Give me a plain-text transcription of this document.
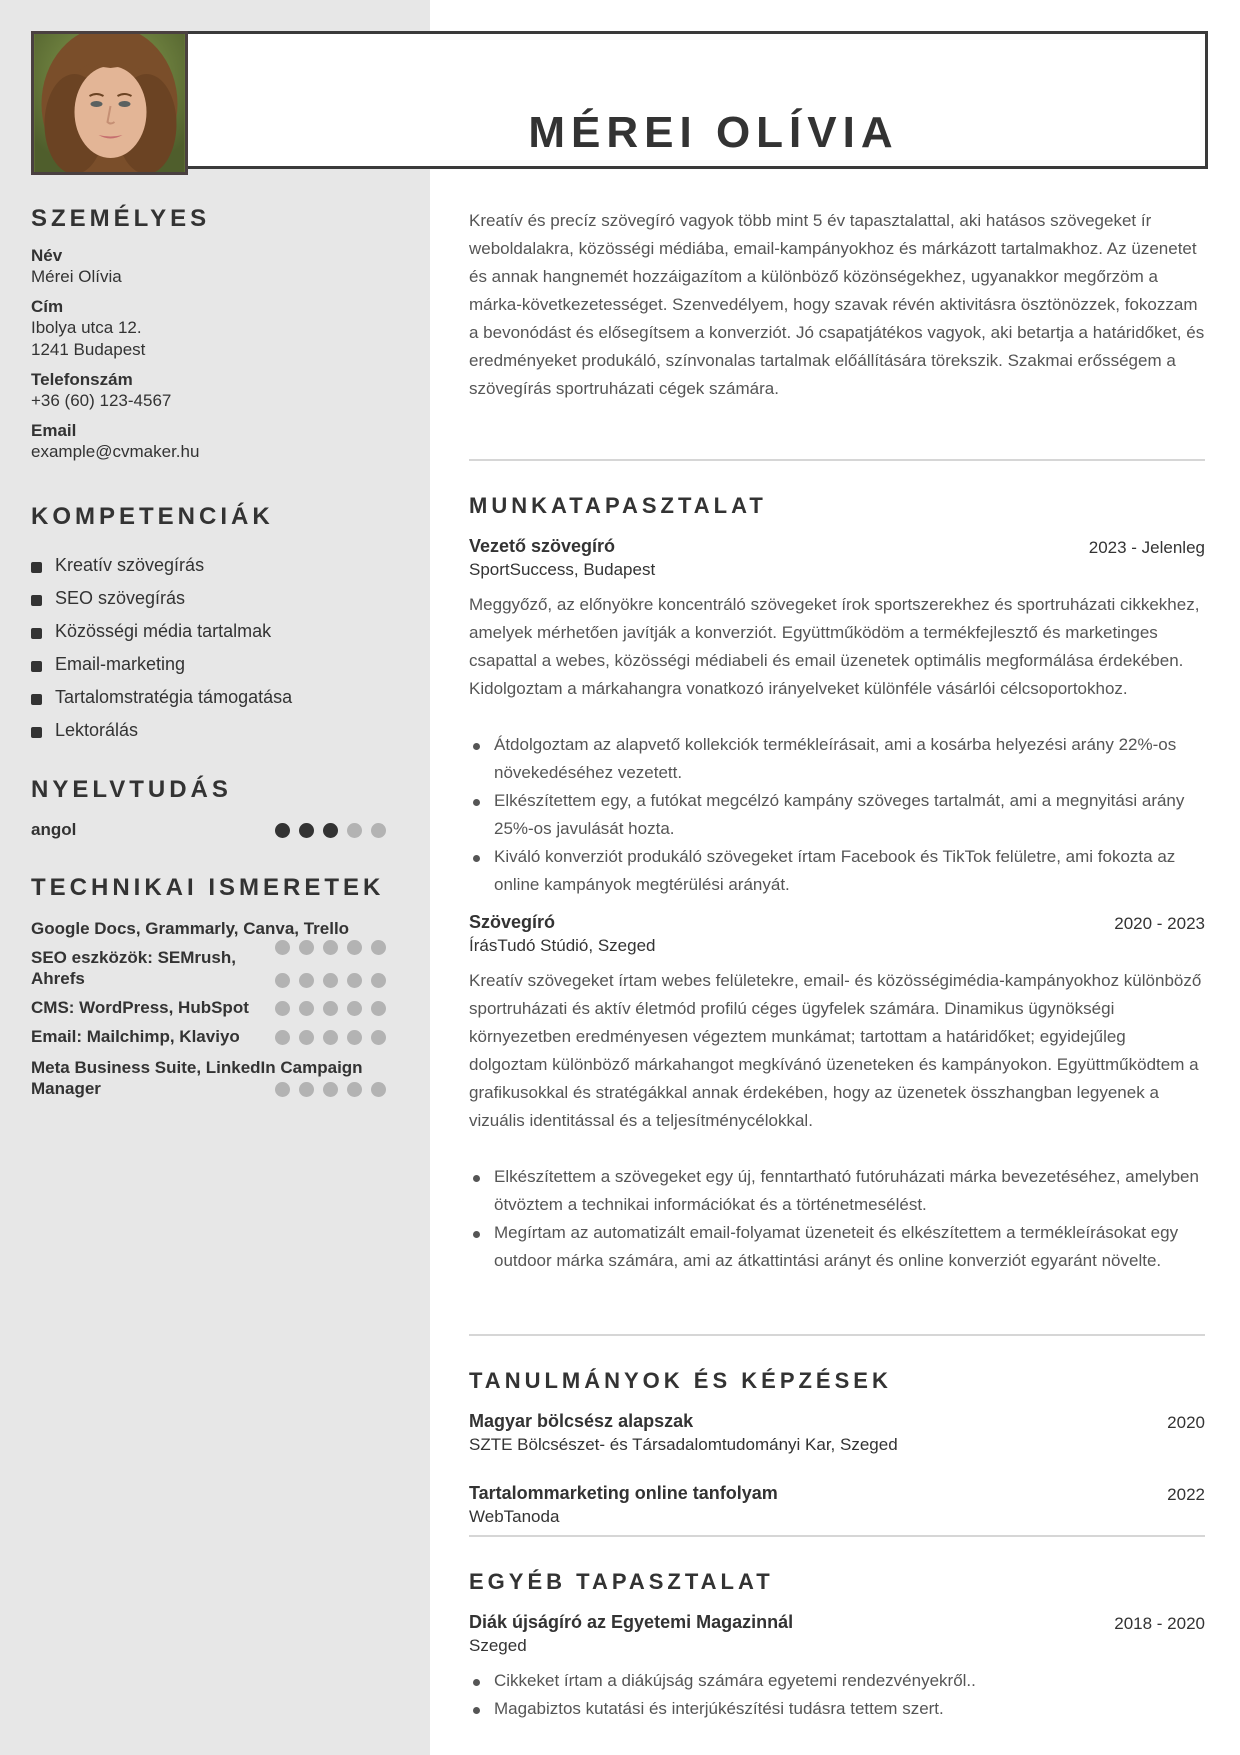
MÉREI OLÍVIA
SZEMÉLYES
Név
Mérei Olívia
Cím
Ibolya utca 12.
1241 Budapest
Telefonszám
+36 (60) 123-4567
Email
example@cvmaker.hu
KOMPETENCIÁK
Kreatív szövegírás
SEO szövegírás
Közösségi média tartalmak
Email-marketing
Tartalomstratégia támogatása
Lektorálás
NYELVTUDÁS
angol
TECHNIKAI ISMERETEK
Google Docs, Grammarly, Canva, Trello
SEO eszközök: SEMrush, Ahrefs
CMS: WordPress, HubSpot
Email: Mailchimp, Klaviyo
Meta Business Suite, LinkedIn Campaign Manager

Kreatív és precíz szövegíró vagyok több mint 5 év tapasztalattal, aki hatásos szövegeket ír weboldalakra, közösségi médiába, email-kampányokhoz és márkázott tartalmakhoz. Az üzenetet és annak hangnemét hozzáigazítom a különböző közönségekhez, ugyanakkor megőrzöm a márka-következetességet. Szenvedélyem, hogy szavak révén aktivitásra ösztönözzek, fokozzam a bevonódást és elősegítsem a konverziót. Jó csapatjátékos vagyok, aki betartja a határidőket, és eredményeket produkáló, színvonalas tartalmak előállítására törekszik. Szakmai erősségem a szövegírás sportruházati cégek számára.

MUNKATAPASZTALAT
Vezető szövegíró	2023 - Jelenleg
SportSuccess, Budapest

Meggyőző, az előnyökre koncentráló szövegeket írok sportszerekhez és sportruházati cikkekhez, amelyek mérhetően javítják a konverziót. Együttműködöm a termékfejlesztő és marketinges csapattal a webes, közösségi médiabeli és email üzenetek optimális megformálása érdekében. Kidolgoztam a márkahangra vonatkozó irányelveket különféle vásárlói célcsoportokhoz.

Átdolgoztam az alapvető kollekciók termékleírásait, ami a kosárba helyezési arány 22%-os növekedéséhez vezetett.
Elkészítettem egy, a futókat megcélzó kampány szöveges tartalmát, ami a megnyitási arány 25%-os javulását hozta.
Kiváló konverziót produkáló szövegeket írtam Facebook és TikTok felületre, ami fokozta az online kampányok megtérülési arányát.
Szövegíró	2020 - 2023
ÍrásTudó Stúdió, Szeged

Kreatív szövegeket írtam webes felületekre, email- és közösségimédia-kampányokhoz különböző sportruházati és aktív életmód profilú céges ügyfelek számára. Dinamikus ügynökségi környezetben eredményesen végeztem munkámat; tartottam a határidőket; egyidejűleg dolgoztam különböző márkahangot megkívánó üzeneteken és kampányokon. Együttműködtem a grafikusokkal és stratégákkal annak érdekében, hogy az üzenetek összhangban legyenek a vizuális identitással és a teljesítménycélokkal.

Elkészítettem a szövegeket egy új, fenntartható futóruházati márka bevezetéséhez, amelyben ötvöztem a technikai információkat és a történetmesélést.
Megírtam az automatizált email-folyamat üzeneteit és elkészítettem a termékleírásokat egy outdoor márka számára, ami az átkattintási arányt és online konverziót egyaránt növelte.
TANULMÁNYOK ÉS KÉPZÉSEK
Magyar bölcsész alapszak	2020
SZTE Bölcsészet- és Társadalomtudományi Kar, Szeged
Tartalommarketing online tanfolyam	2022
WebTanoda
EGYÉB TAPASZTALAT
Diák újságíró az Egyetemi Magazinnál	2018 - 2020
Szeged
Cikkeket írtam a diákújság számára egyetemi rendezvényekről..
Magabiztos kutatási és interjúkészítési tudásra tettem szert.
